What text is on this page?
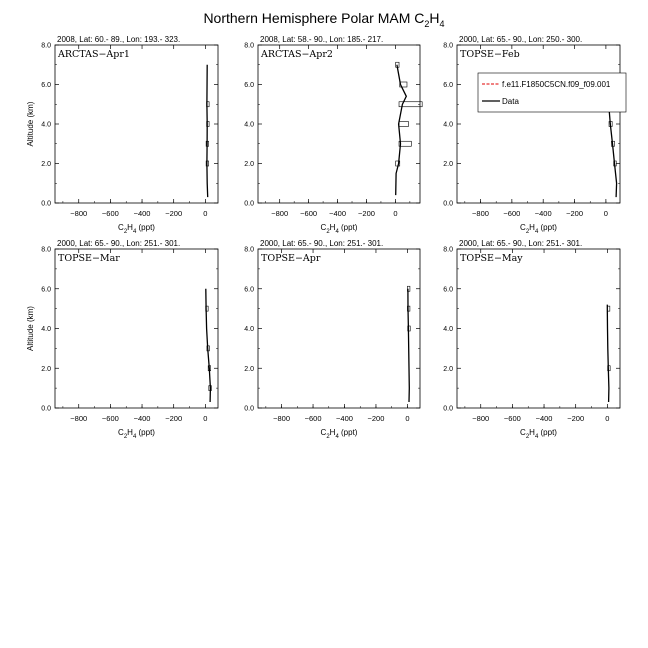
Northern Hemisphere Polar MAM $C_2H_4$
2008, Lat: 60.- 89., Lon: 193.- 323.
ARCTAS−Apr1
−800 −600 −400 −200	0
0.0
2.0
4.0
6.0
8.0
$C_2H_4$ (ppt)
Altitude (km)
2008, Lat: 58.- 90., Lon: 185.- 217.
ARCTAS−Apr2
−800 −600 −400 −200 0
0.0
2.0
4.0
6.0
8.0
$C_2H_4$ (ppt)
2000, Lat: 65.- 90., Lon: 250.- 300.
TOPSE−Feb
−800 −600 −400 −200	0
0.0
2.0
4.0
6.0
8.0
$C_2H_4$ (ppt)
f.e11.F1850C5CN.f09_f09.001
Data
2000, Lat: 65.- 90., Lon: 251.- 301.
TOPSE−Mar
−800 −600 −400 −200	0
0.0
2.0
4.0
6.0
8.0
$C_2H_4$ (ppt)
Altitude (km)
2000, Lat: 65.- 90., Lon: 251.- 301.
TOPSE−Apr
−800 −600 −400 −200	0
0.0
2.0
4.0
6.0
8.0
$C_2H_4$ (ppt)
2000, Lat: 65.- 90., Lon: 251.- 301.
TOPSE−May
−800 −600 −400 −200	0
0.0
2.0
4.0
6.0
8.0
$C_2H_4$ (ppt)
